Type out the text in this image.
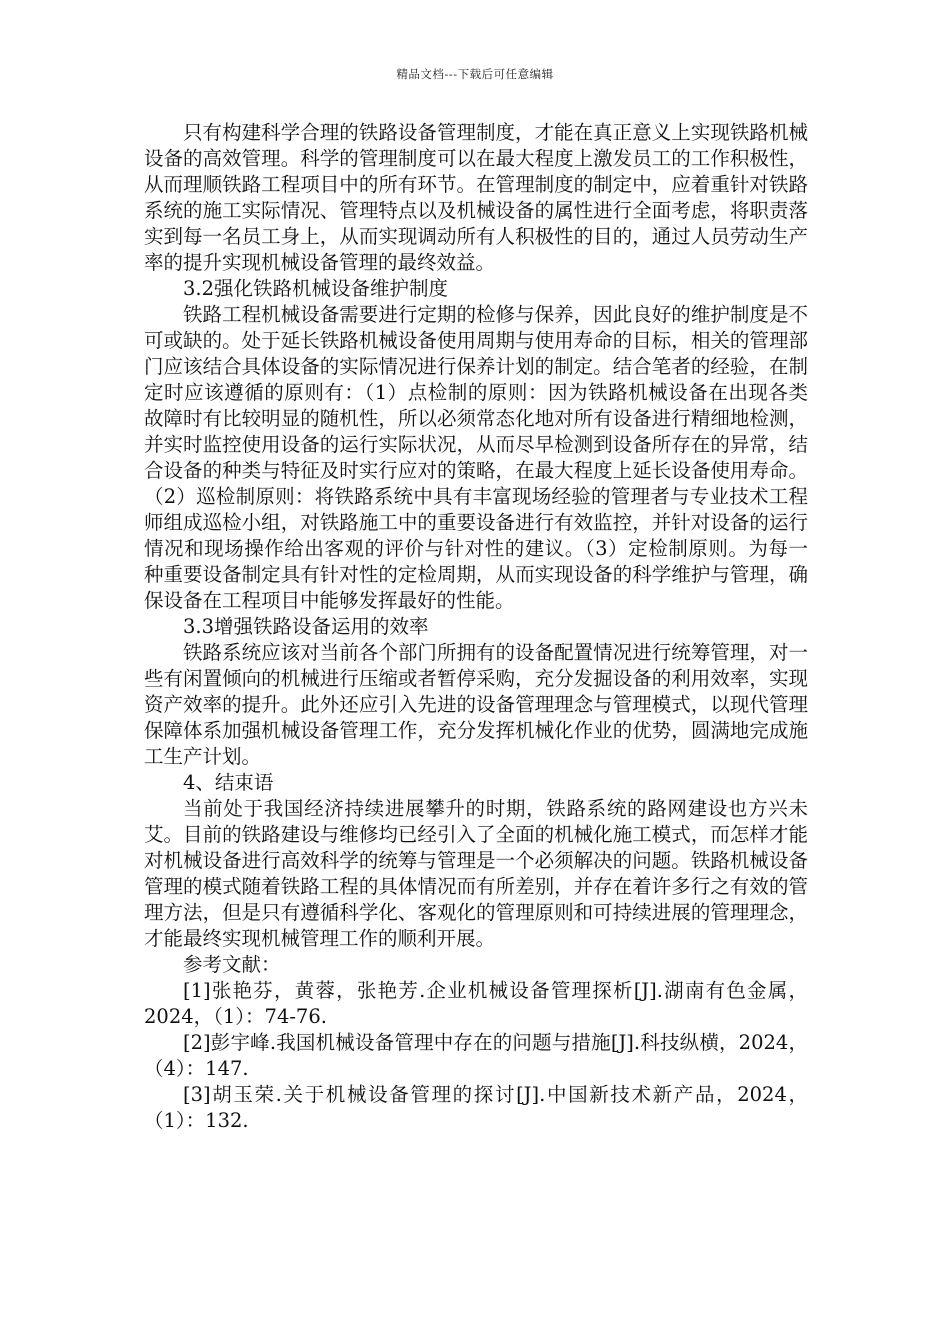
精品文档---下载后可任意编辑

只有构建科学合理的铁路设备管理制度，才能在真正意义上实现铁路机械设备的高效管理。科学的管理制度可以在最大程度上激发员工的工作积极性，从而理顺铁路工程项目中的所有环节。在管理制度的制定中，应着重针对铁路系统的施工实际情况、管理特点以及机械设备的属性进行全面考虑，将职责落实到每一名员工身上，从而实现调动所有人积极性的目的，通过人员劳动生产率的提升实现机械设备管理的最终效益。

3.2强化铁路机械设备维护制度

铁路工程机械设备需要进行定期的检修与保养，因此良好的维护制度是不可或缺的。处于延长铁路机械设备使用周期与使用寿命的目标，相关的管理部门应该结合具体设备的实际情况进行保养计划的制定。结合笔者的经验，在制定时应该遵循的原则有：（1）点检制的原则：因为铁路机械设备在出现各类故障时有比较明显的随机性，所以必须常态化地对所有设备进行精细地检测，并实时监控使用设备的运行实际状况，从而尽早检测到设备所存在的异常，结合设备的种类与特征及时实行应对的策略，在最大程度上延长设备使用寿命。（2）巡检制原则：将铁路系统中具有丰富现场经验的管理者与专业技术工程师组成巡检小组，对铁路施工中的重要设备进行有效监控，并针对设备的运行情况和现场操作给出客观的评价与针对性的建议。（3）定检制原则。为每一种重要设备制定具有针对性的定检周期，从而实现设备的科学维护与管理，确保设备在工程项目中能够发挥最好的性能。

3.3增强铁路设备运用的效率

铁路系统应该对当前各个部门所拥有的设备配置情况进行统筹管理，对一些有闲置倾向的机械进行压缩或者暂停采购，充分发掘设备的利用效率，实现资产效率的提升。此外还应引入先进的设备管理理念与管理模式，以现代管理保障体系加强机械设备管理工作，充分发挥机械化作业的优势，圆满地完成施工生产计划。

4、结束语

当前处于我国经济持续进展攀升的时期，铁路系统的路网建设也方兴未艾。目前的铁路建设与维修均已经引入了全面的机械化施工模式，而怎样才能对机械设备进行高效科学的统筹与管理是一个必须解决的问题。铁路机械设备管理的模式随着铁路工程的具体情况而有所差别，并存在着许多行之有效的管理方法，但是只有遵循科学化、客观化的管理原则和可持续进展的管理理念，才能最终实现机械管理工作的顺利开展。

参考文献：

[1]张艳芬，黄蓉，张艳芳.企业机械设备管理探析[J].湖南有色金属，2024，（1）：74-76.

[2]彭宇峰.我国机械设备管理中存在的问题与措施[J].科技纵横，2024，（4）：147.

[3]胡玉荣.关于机械设备管理的探讨[J].中国新技术新产品，2024，（1）：132.
